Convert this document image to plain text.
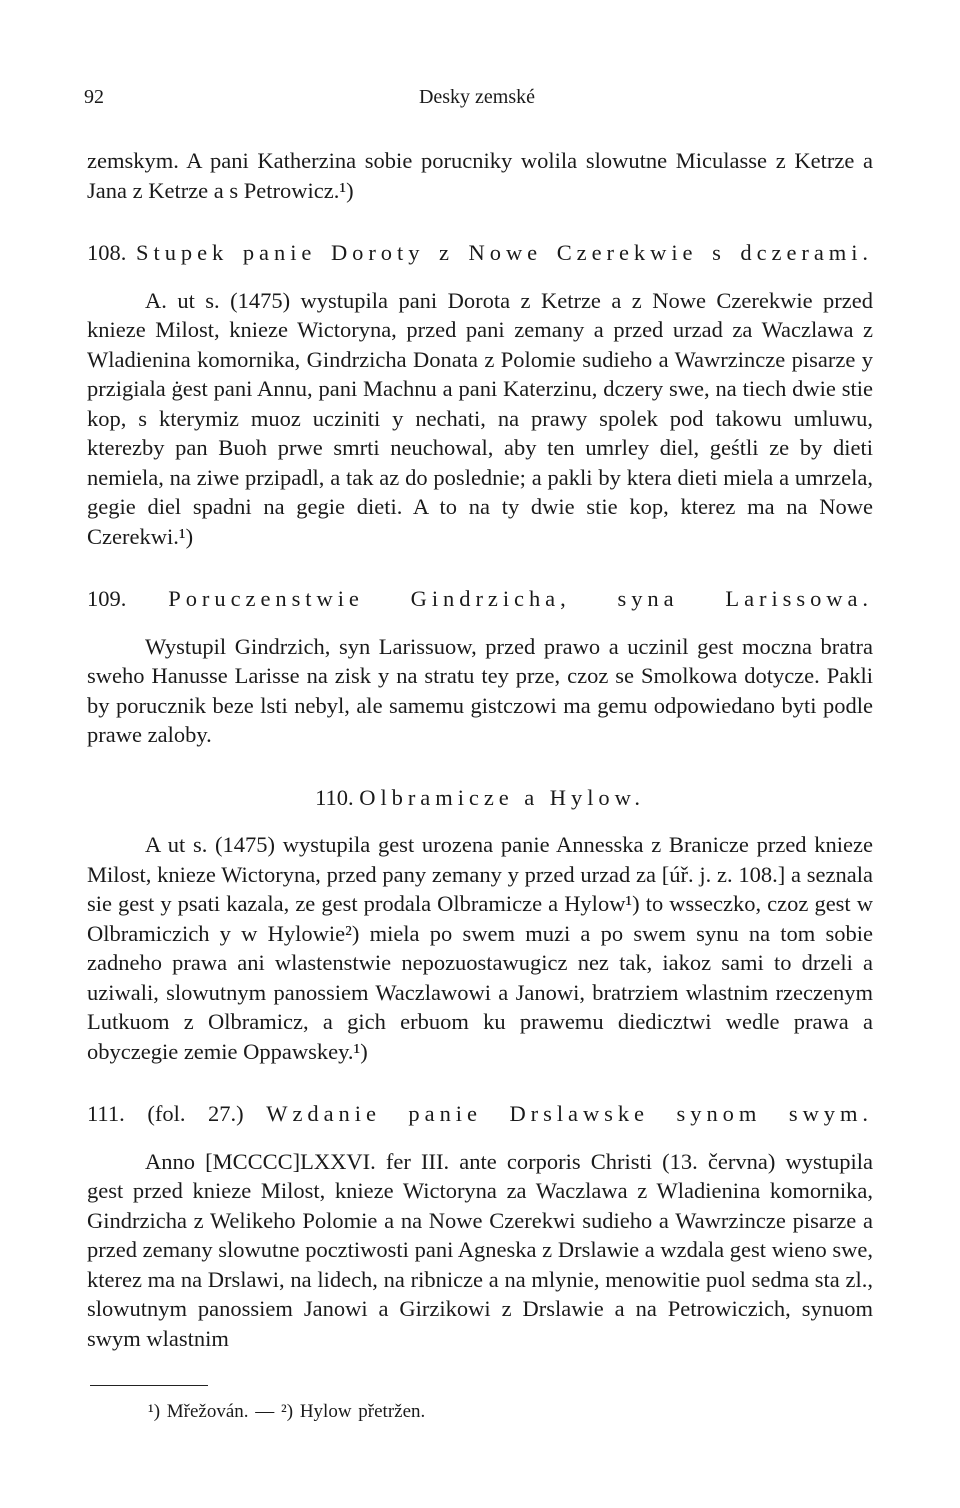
92	Desky zemské

zemskym. A pani Katherzina sobie porucniky wolila slowutne Miculasse z Ketrze a Jana z Ketrze a s Petrowicz.¹)

108. Stupek panie Doroty z Nowe Czerekwie s dczerami.

A. ut s. (1475) wystupila pani Dorota z Ketrze a z Nowe Czerekwie przed knieze Milost, knieze Wictoryna, przed pani zemany a przed urzad za Waczlawa z Wladienina komornika, Gindrzicha Donata z Polomie sudieho a Wawrzincze pisarze y przigiala ġest pani Annu, pani Machnu a pani Katerzinu, dczery swe, na tiech dwie stie kop, s kterymiz muoz ucziniti y nechati, na prawy spolek pod takowu umluwu, kterezby pan Buoh prwe smrti neuchowal, aby ten umrley diel, geśtli ze by dieti nemiela, na ziwe przipadl, a tak az do poslednie; a pakli by ktera dieti miela a umrzela, gegie diel spadni na gegie dieti. A to na ty dwie stie kop, kterez ma na Nowe Czerekwi.¹)

109. Poruczenstwie Gindrzicha, syna Larissowa.

Wystupil Gindrzich, syn Larissuow, przed prawo a uczinil gest moczna bratra sweho Hanusse Larisse na zisk y na stratu tey prze, czoz se Smolkowa dotycze. Pakli by porucznik beze lsti nebyl, ale samemu gistczowi ma gemu odpowiedano byti podle prawe zaloby.

110. Olbramicze a Hylow.

A ut s. (1475) wystupila gest urozena panie Annesska z Branicze przed knieze Milost, knieze Wictoryna, przed pany zemany y przed urzad za [úř. j. z. 108.] a seznala sie gest y psati kazala, ze gest prodala Olbramicze a Hylow¹) to wsseczko, czoz gest w Olbramiczich y w Hylowie²) miela po swem muzi a po swem synu na tom sobie zadneho prawa ani wlastenstwie nepozuostawugicz nez tak, iakoz sami to drzeli a uziwali, slowutnym panossiem Waczlawowi a Janowi, bratrziem wlastnim rzeczenym Lutkuom z Olbramicz, a gich erbuom ku prawemu diedicztwi wedle prawa a obyczegie zemie Oppawskey.¹)

111. (fol. 27.) Wzdanie panie Drslawske synom swym.

Anno [MCCCC]LXXVI. fer III. ante corporis Christi (13. června) wystupila gest przed knieze Milost, knieze Wictoryna za Waczlawa z Wladienina komornika, Gindrzicha z Welikeho Polomie a na Nowe Czerekwi sudieho a Wawrzincze pisarze a przed zemany slowutne pocztiwosti pani Agneska z Drslawie a wzdala gest wieno swe, kterez ma na Drslawi, na lidech, na ribnicze a na mlynie, menowitie puol sedma sta zl., slowutnym panossiem Janowi a Girzikowi z Drslawie a na Petrowiczich, synuom swym wlastnim

¹) Mřežován. — ²) Hylow přetržen.
